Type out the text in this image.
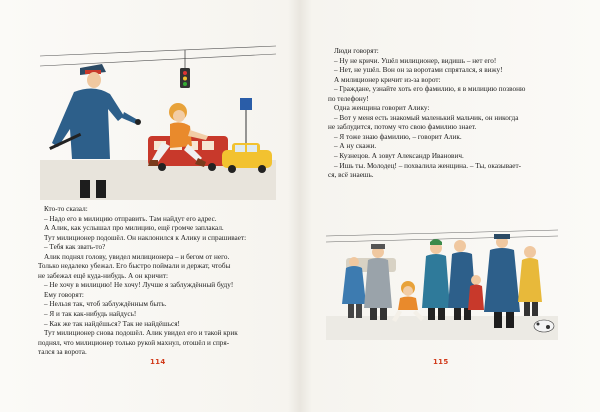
Кто-то сказал:

– Надо его в милицию отправить. Там найдут его адрес.

А Алик, как услышал про милицию, ещё громче заплакал.

Тут милиционер подошёл. Он наклонился к Алику и спрашивает:

– Тебя как звать-то?

Алик поднял голову, увидел милиционера – и бегом от него.

Только недалеко убежал. Его быстро поймали и держат, чтобы

не забежал ещё куда-нибудь. А он кричит:

– Не хочу в милицию! Не хочу! Лучше я заблуждённый буду!

Ему говорят:

– Нельзя так, чтоб заблуждённым быть.

– Я и так как-нибудь найдусь!

– Как же так найдёшься? Так не найдёшься!

Тут милиционер снова подошёл. Алик увидел его и такой крик

поднял, что милиционер только рукой махнул, отошёл и спря-

тался за ворота.

114

Люди говорят:

– Ну не кричи. Ушёл милиционер, видишь – нет его!

– Нет, не ушёл. Вон он за воротами спрятался, я вижу!

А милиционер кричит из-за ворот:

– Граждане, узнайте хоть его фамилию, я в милицию позвоню

по телефону!

Одна женщина говорит Алику:

– Вот у меня есть знакомый маленький мальчик, он никогда

не заблудится, потому что свою фамилию знает.

– Я тоже знаю фамилию, – говорит Алик.

– А ну скажи.

– Кузнецов. А зовут Александр Иванович.

– Ишь ты. Молодец! – похвалила женщина. – Ты, оказывает-

ся, всё знаешь.

115
